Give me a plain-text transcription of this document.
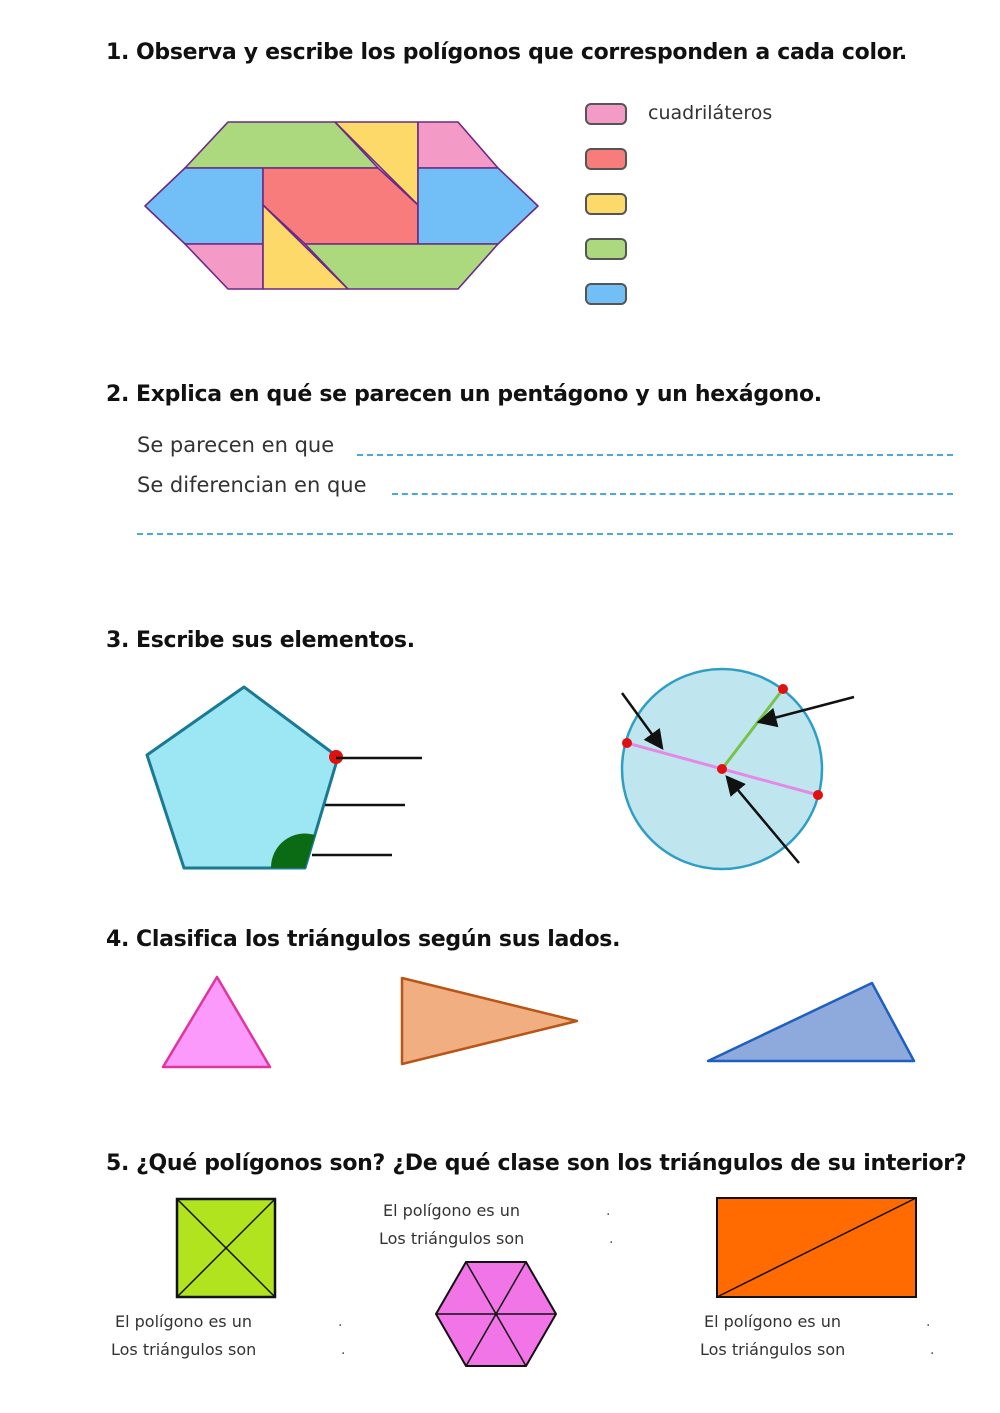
1. Observa y escribe los polígonos que corresponden a cada color.
cuadriláteros
2. Explica en qué se parecen un pentágono y un hexágono.
Se parecen en que
Se diferencian en que
3. Escribe sus elementos.
4. Clasifica los triángulos según sus lados.
5. ¿Qué polígonos son? ¿De qué clase son los triángulos de su interior?
El polígono es un	.
Los triángulos son	.
El polígono es un	.
Los triángulos son	.
El polígono es un	.
Los triángulos son	.
